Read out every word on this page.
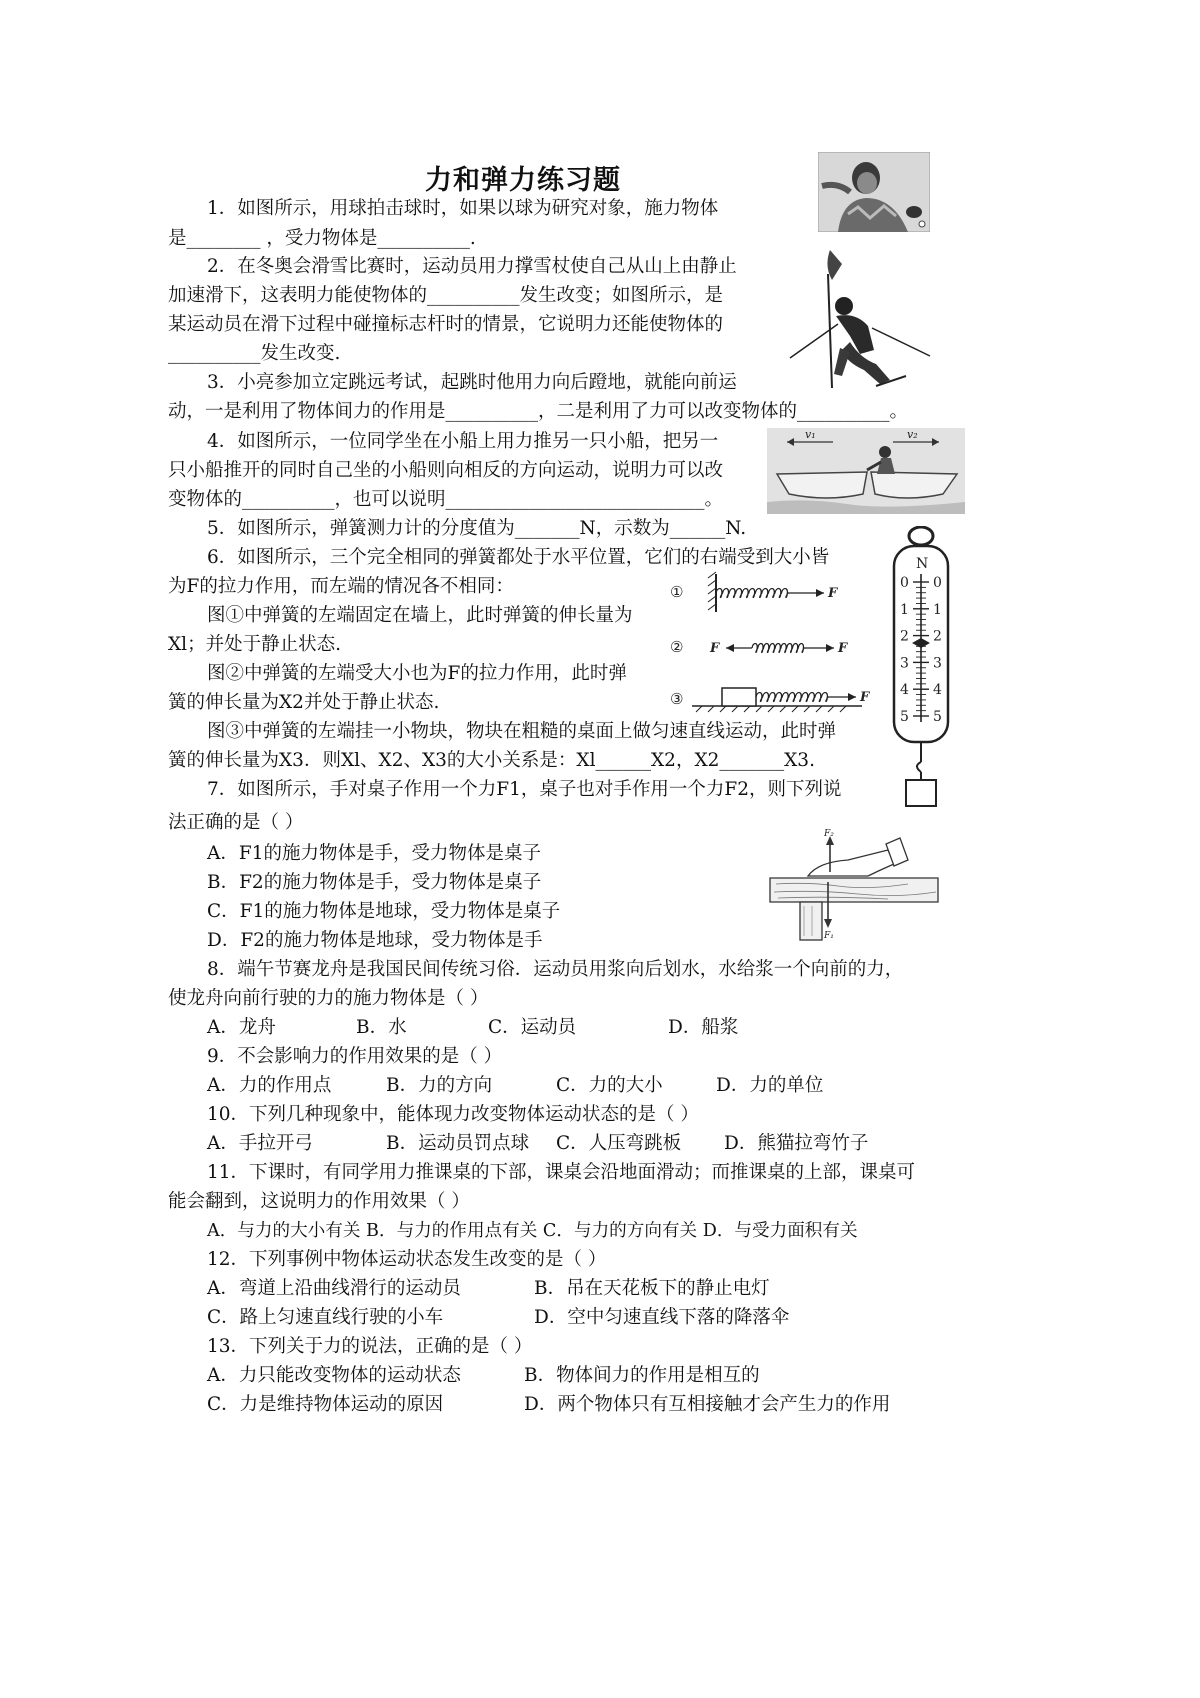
力和弹力练习题
1．如图所示，用球拍击球时，如果以球为研究对象，施力物体
是________ ，受力物体是__________.
2．在冬奥会滑雪比赛时，运动员用力撑雪杖使自己从山上由静止
加速滑下，这表明力能使物体的__________发生改变；如图所示，是
某运动员在滑下过程中碰撞标志杆时的情景，它说明力还能使物体的
__________发生改变.
3．小亮参加立定跳远考试，起跳时他用力向后蹬地，就能向前运
动，一是利用了物体间力的作用是__________，二是利用了力可以改变物体的__________。
4．如图所示，一位同学坐在小船上用力推另一只小船，把另一
只小船推开的同时自己坐的小船则向相反的方向运动，说明力可以改
变物体的__________，也可以说明____________________________。
5．如图所示，弹簧测力计的分度值为_______N，示数为______N.
6．如图所示，三个完全相同的弹簧都处于水平位置，它们的右端受到大小皆
为F的拉力作用，而左端的情况各不相同：
图①中弹簧的左端固定在墙上，此时弹簧的伸长量为
Xl；并处于静止状态.
图②中弹簧的左端受大小也为F的拉力作用，此时弹
簧的伸长量为X2并处于静止状态.
图③中弹簧的左端挂一小物块，物块在粗糙的桌面上做匀速直线运动，此时弹
簧的伸长量为X3．则Xl、X2、X3的大小关系是：Xl______X2，X2_______X3.
7．如图所示，手对桌子作用一个力F1，桌子也对手作用一个力F2，则下列说
法正确的是（ ）
A．F1的施力物体是手，受力物体是桌子
B．F2的施力物体是手，受力物体是桌子
C．F1的施力物体是地球，受力物体是桌子
D．F2的施力物体是地球，受力物体是手
8．端午节赛龙舟是我国民间传统习俗．运动员用浆向后划水，水给浆一个向前的力，
使龙舟向前行驶的力的施力物体是（ ）
A．龙舟	B．水	C．运动员	D．船浆
9．不会影响力的作用效果的是（ ）
A．力的作用点	B．力的方向	C．力的大小	D．力的单位
10．下列几种现象中，能体现力改变物体运动状态的是（ ）
A．手拉开弓	B．运动员罚点球 C．人压弯跳板 D．熊猫拉弯竹子
11．下课时，有同学用力推课桌的下部，课桌会沿地面滑动；而推课桌的上部，课桌可
能会翻到，这说明力的作用效果（ ）
A．与力的大小有关 B．与力的作用点有关 C．与力的方向有关 D．与受力面积有关
12．下列事例中物体运动状态发生改变的是（ ）
A．弯道上沿曲线滑行的运动员	B．吊在天花板下的静止电灯
C．路上匀速直线行驶的小车	D．空中匀速直线下落的降落伞
13．下列关于力的说法，正确的是（ ）
A．力只能改变物体的运动状态	B．物体间力的作用是相互的
C．力是维持物体运动的原因	D．两个物体只有互相接触才会产生力的作用
v₁	v₂
①	F
② F	F
③	F
N
0 0
1 1
2 2
3 3
4 4
5 5
F₂
F₁
